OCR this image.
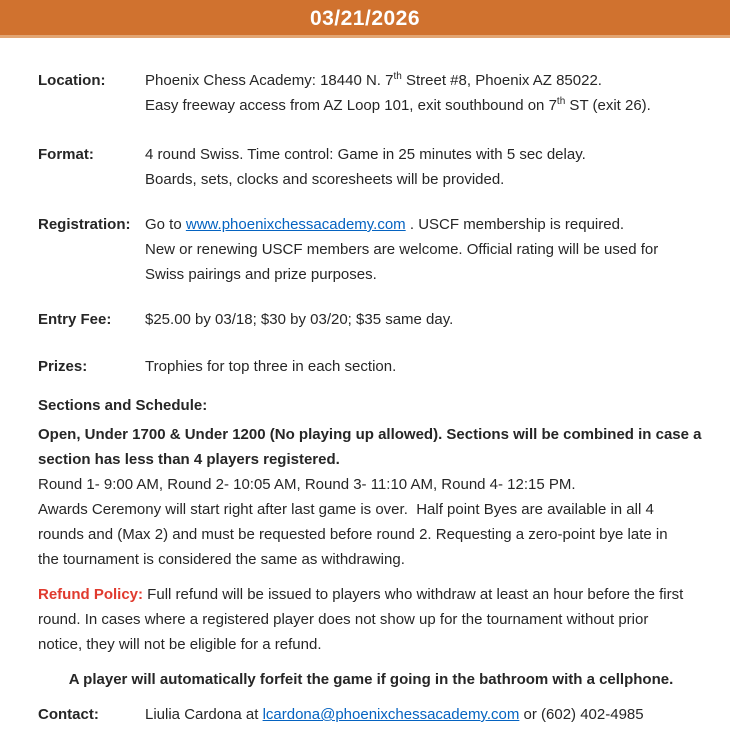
03/21/2026
Location:	Phoenix Chess Academy: 18440 N. 7th Street #8, Phoenix AZ 85022.
Easy freeway access from AZ Loop 101, exit southbound on 7th ST (exit 26).
Format:	4 round Swiss. Time control: Game in 25 minutes with 5 sec delay.
Boards, sets, clocks and scoresheets will be provided.
Registration: Go to www.phoenixchessacademy.com . USCF membership is required.
New or renewing USCF members are welcome. Official rating will be used for
Swiss pairings and prize purposes.
Entry Fee:	$25.00 by 03/18; $30 by 03/20; $35 same day.
Prizes:	Trophies for top three in each section.
Sections and Schedule:
Open, Under 1700 & Under 1200 (No playing up allowed). Sections will be combined in case a
section has less than 4 players registered.
Round 1- 9:00 AM, Round 2- 10:05 AM, Round 3- 11:10 AM, Round 4- 12:15 PM.
Awards Ceremony will start right after last game is over.  Half point Byes are available in all 4
rounds and (Max 2) and must be requested before round 2. Requesting a zero-point bye late in
the tournament is considered the same as withdrawing.
Refund Policy: Full refund will be issued to players who withdraw at least an hour before the first
round. In cases where a registered player does not show up for the tournament without prior
notice, they will not be eligible for a refund.
A player will automatically forfeit the game if going in the bathroom with a cellphone.
Contact:	Liulia Cardona at lcardona@phoenixchessacademy.com or (602) 402-4985
